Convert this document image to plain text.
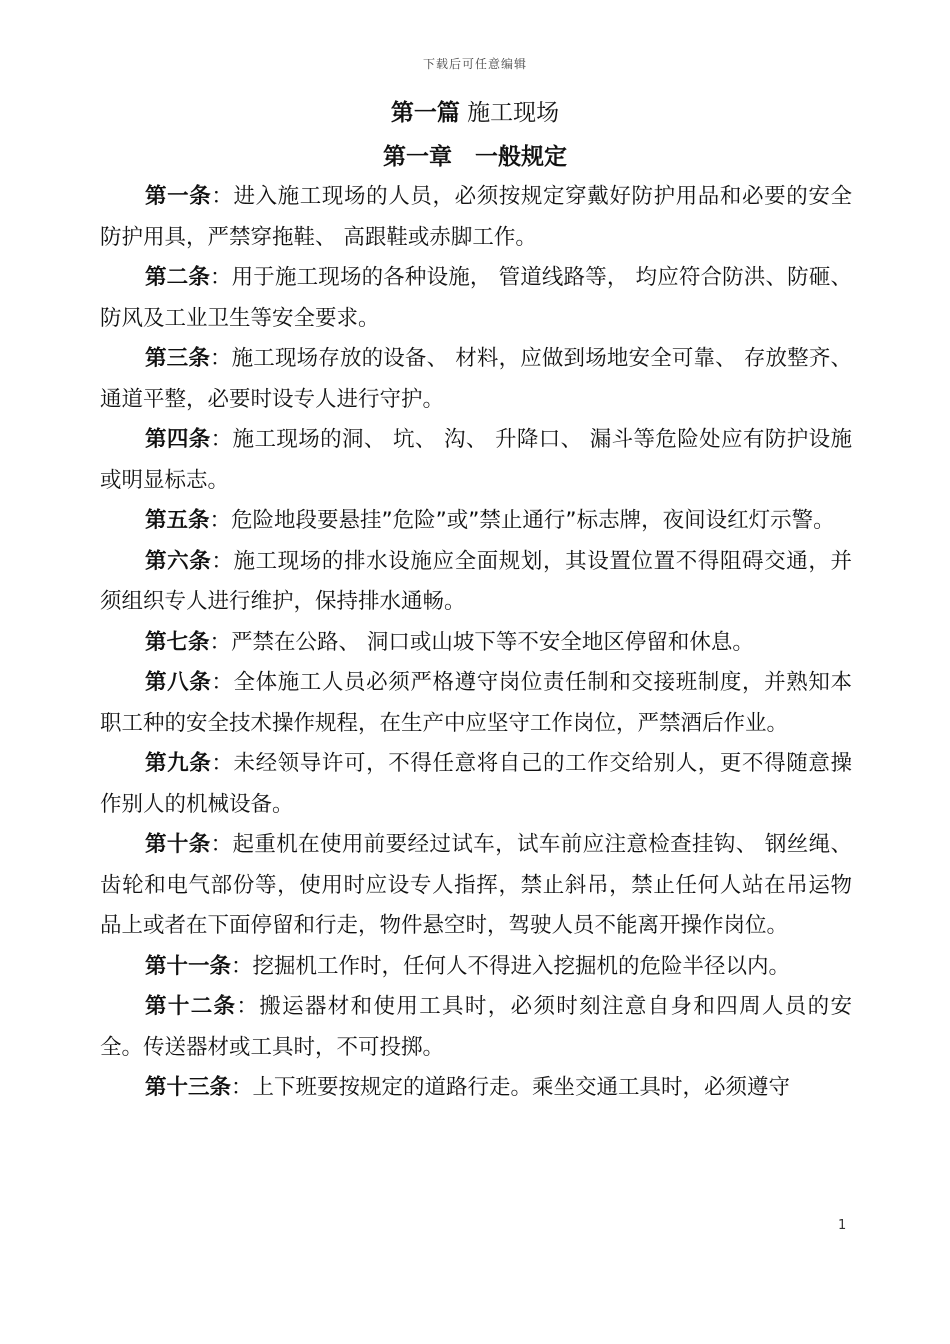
下载后可任意编辑
第一篇 施工现场
第一章　一般规定

第一条：进入施工现场的人员，必须按规定穿戴好防护用品和必要的安全防护用具，严禁穿拖鞋、 高跟鞋或赤脚工作。

第二条：用于施工现场的各种设施， 管道线路等， 均应符合防洪、防砸、 防风及工业卫生等安全要求。

第三条：施工现场存放的设备、 材料，应做到场地安全可靠、 存放整齐、 通道平整，必要时设专人进行守护。

第四条：施工现场的洞、 坑、 沟、 升降口、 漏斗等危险处应有防护设施或明显标志。

第五条：危险地段要悬挂”危险”或”禁止通行”标志牌，夜间设红灯示警。

第六条：施工现场的排水设施应全面规划，其设置位置不得阻碍交通，并须组织专人进行维护，保持排水通畅。

第七条：严禁在公路、 洞口或山坡下等不安全地区停留和休息。

第八条：全体施工人员必须严格遵守岗位责任制和交接班制度，并熟知本职工种的安全技术操作规程，在生产中应坚守工作岗位，严禁酒后作业。

第九条：未经领导许可，不得任意将自己的工作交给别人，更不得随意操作别人的机械设备。

第十条：起重机在使用前要经过试车，试车前应注意检查挂钩、 钢丝绳、 齿轮和电气部份等，使用时应设专人指挥，禁止斜吊，禁止任何人站在吊运物品上或者在下面停留和行走，物件悬空时，驾驶人员不能离开操作岗位。

第十一条：挖掘机工作时，任何人不得进入挖掘机的危险半径以内。

第十二条：搬运器材和使用工具时，必须时刻注意自身和四周人员的安全。传送器材或工具时，不可投掷。

第十三条：上下班要按规定的道路行走。乘坐交通工具时，必须遵守

1
